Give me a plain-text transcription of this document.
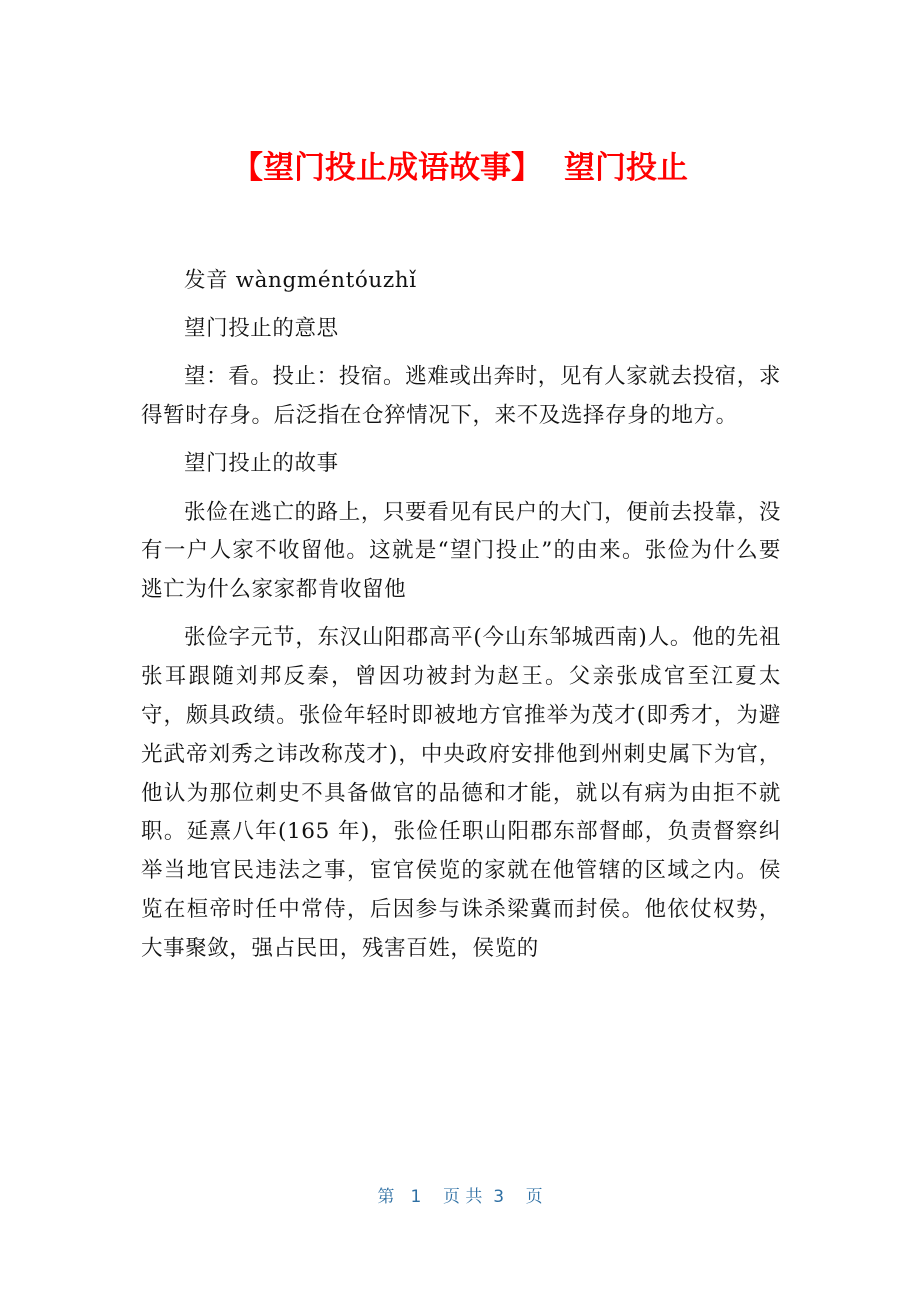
【望门投止成语故事】 望门投止

发音 wàngméntóuzhǐ

望门投止的意思

望：看。投止：投宿。逃难或出奔时，见有人家就去投宿，求得暂时存身。后泛指在仓猝情况下，来不及选择存身的地方。

望门投止的故事

张俭在逃亡的路上，只要看见有民户的大门，便前去投靠，没有一户人家不收留他。这就是“望门投止”的由来。张俭为什么要逃亡为什么家家都肯收留他

张俭字元节，东汉山阳郡高平(今山东邹城西南)人。他的先祖张耳跟随刘邦反秦，曾因功被封为赵王。父亲张成官至江夏太守，颇具政绩。张俭年轻时即被地方官推举为茂才(即秀才，为避光武帝刘秀之讳改称茂才)，中央政府安排他到州刺史属下为官，他认为那位刺史不具备做官的品德和才能，就以有病为由拒不就职。延熹八年(165 年)，张俭任职山阳郡东部督邮，负责督察纠举当地官民违法之事，宦官侯览的家就在他管辖的区域之内。侯览在桓帝时任中常侍，后因参与诛杀梁冀而封侯。他依仗权势，大事聚敛，强占民田，残害百姓，侯览的

第   1    页 共  3    页
